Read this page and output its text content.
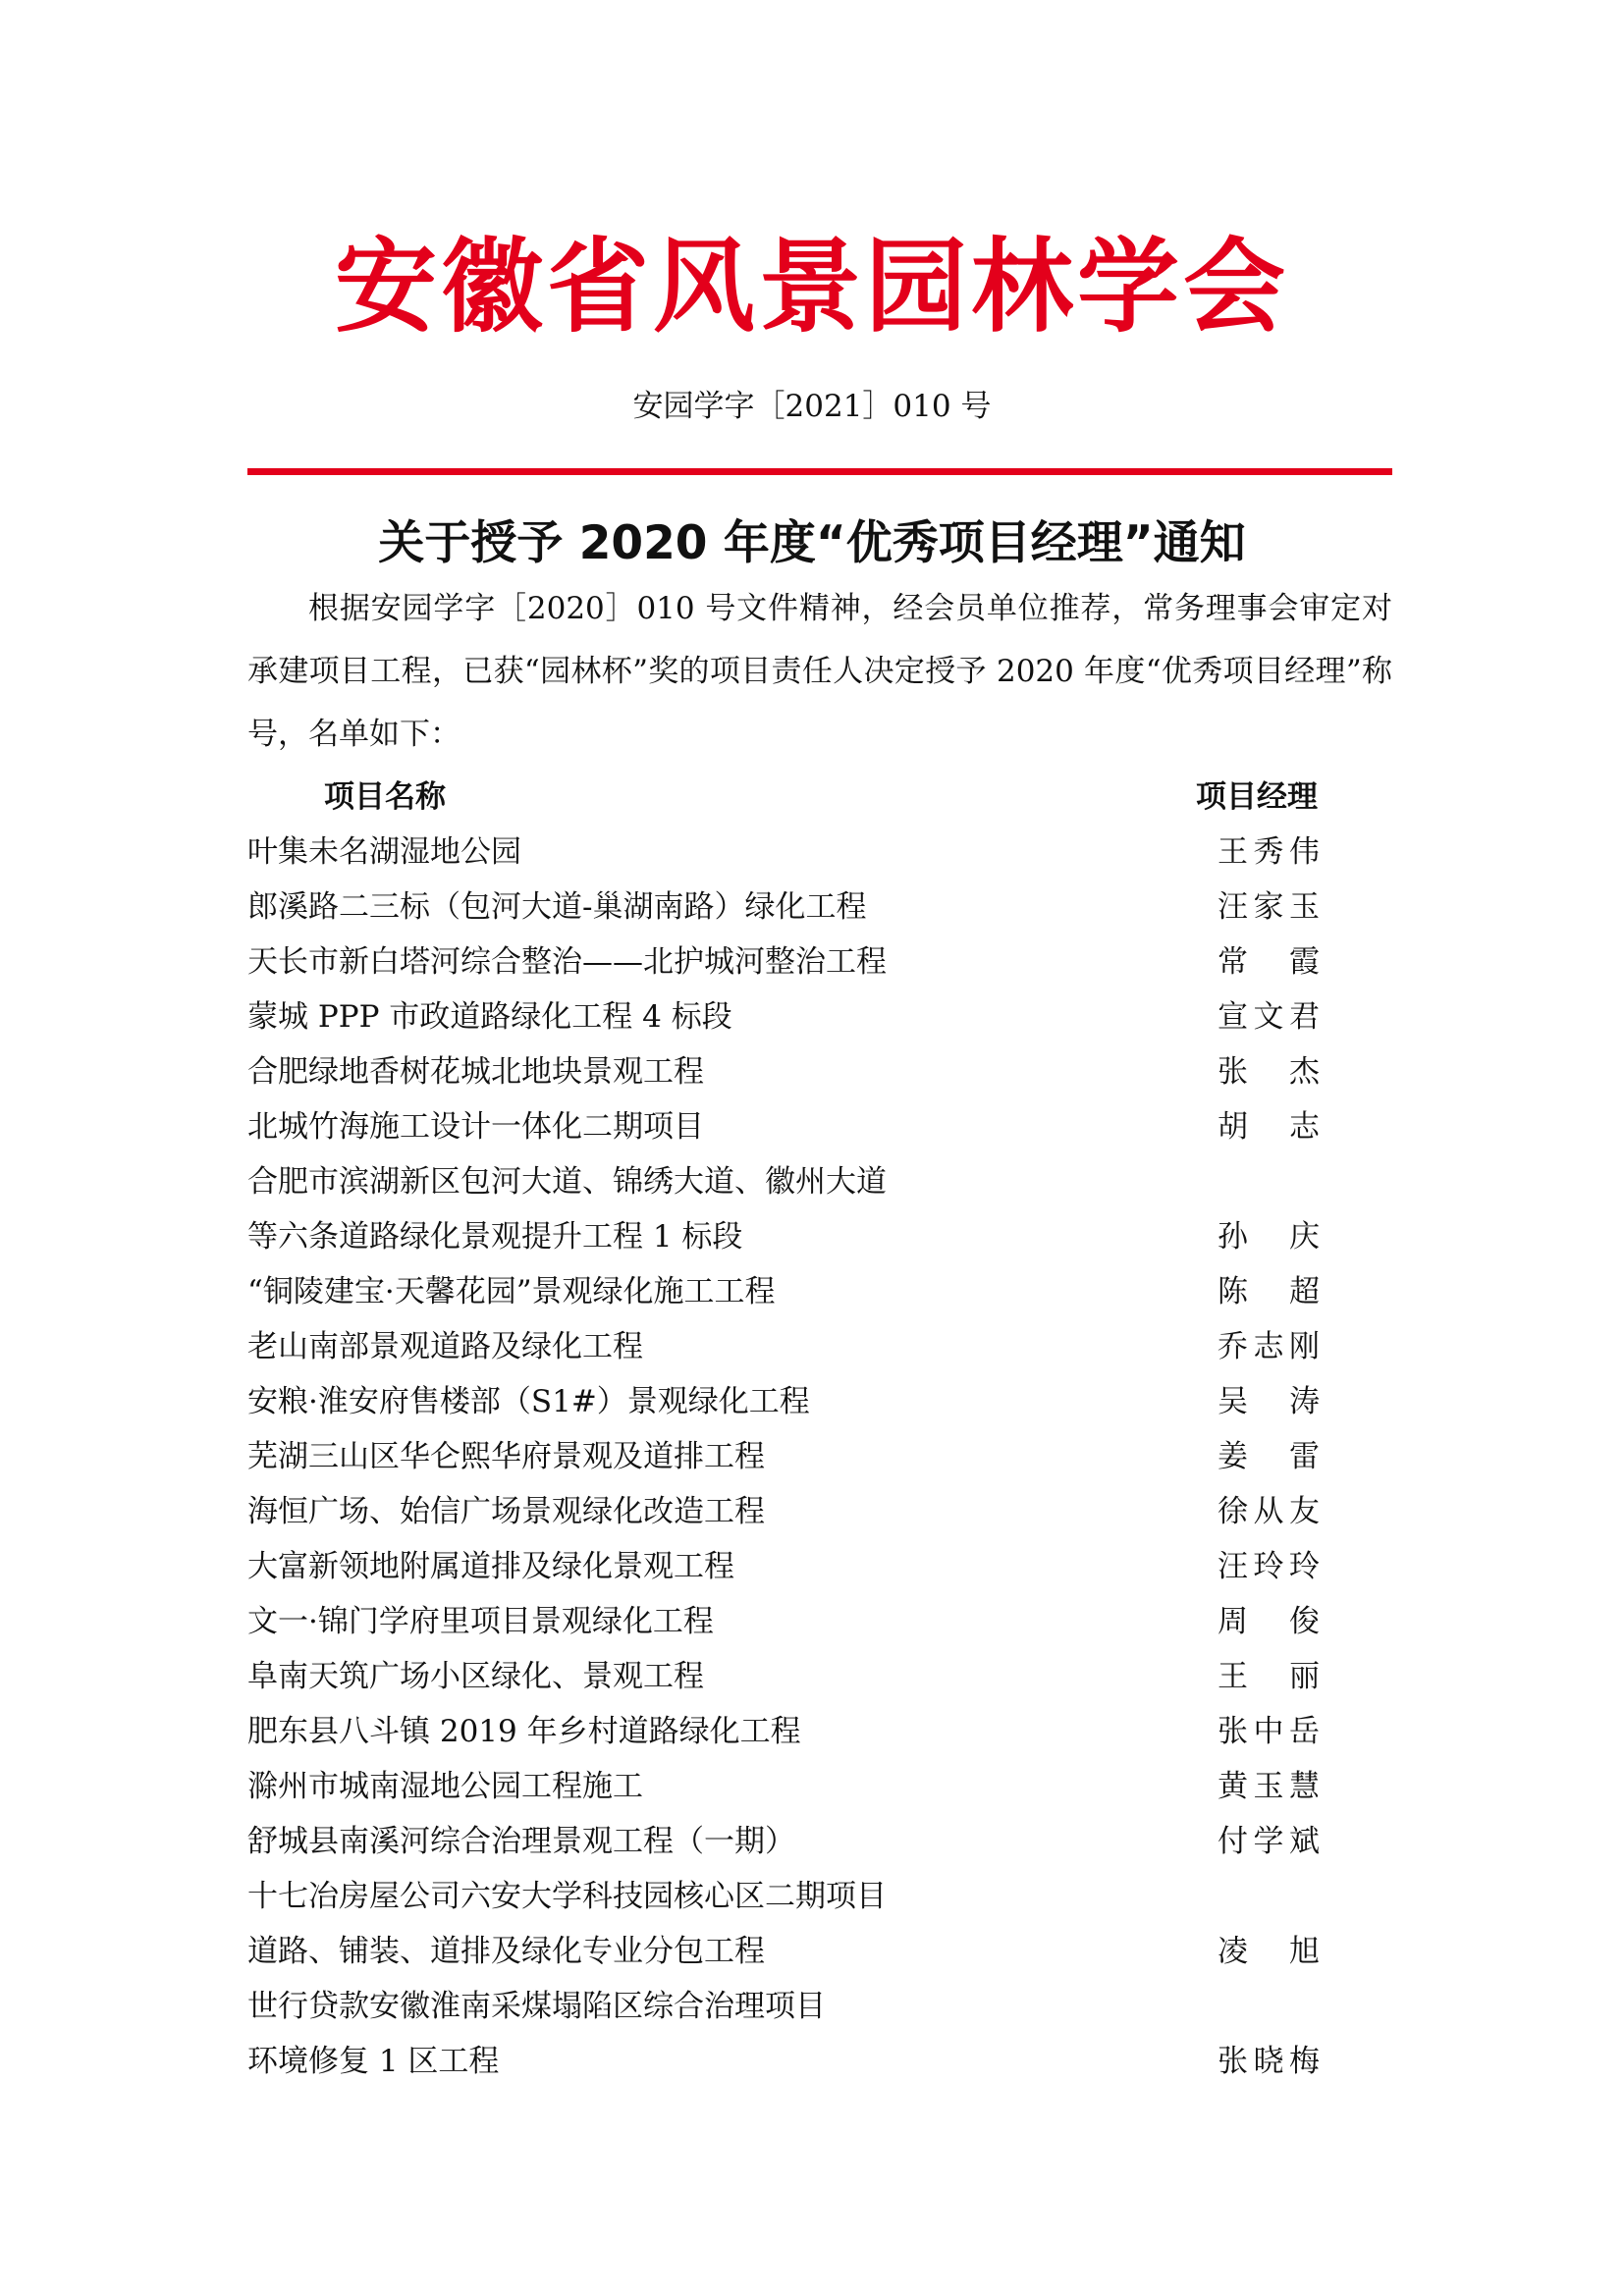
安徽省风景园林学会
安园学字［2021］010 号
关于授予 2020 年度“优秀项目经理”通知

根据安园学字［2020］010 号文件精神，经会员单位推荐，常务理事会审定对承建项目工程，已获“园林杯”奖的项目责任人决定授予 2020 年度“优秀项目经理”称号，名单如下：

项目名称	项目经理
叶集未名湖湿地公园	王秀伟
郎溪路二三标（包河大道-巢湖南路）绿化工程	汪家玉
天长市新白塔河综合整治——北护城河整治工程	常霞
蒙城 PPP 市政道路绿化工程 4 标段	宣文君
合肥绿地香树花城北地块景观工程	张杰
北城竹海施工设计一体化二期项目	胡志
合肥市滨湖新区包河大道、锦绣大道、徽州大道
等六条道路绿化景观提升工程 1 标段	孙庆
“铜陵建宝·天馨花园”景观绿化施工工程	陈超
老山南部景观道路及绿化工程	乔志刚
安粮·淮安府售楼部（S1#）景观绿化工程	吴涛
芜湖三山区华仑熙华府景观及道排工程	姜雷
海恒广场、始信广场景观绿化改造工程	徐从友
大富新领地附属道排及绿化景观工程	汪玲玲
文一·锦门学府里项目景观绿化工程	周俊
阜南天筑广场小区绿化、景观工程	王丽
肥东县八斗镇 2019 年乡村道路绿化工程	张中岳
滁州市城南湿地公园工程施工	黄玉慧
舒城县南溪河综合治理景观工程（一期）	付学斌
十七冶房屋公司六安大学科技园核心区二期项目
道路、铺装、道排及绿化专业分包工程	凌旭
世行贷款安徽淮南采煤塌陷区综合治理项目
环境修复 1 区工程	张晓梅
